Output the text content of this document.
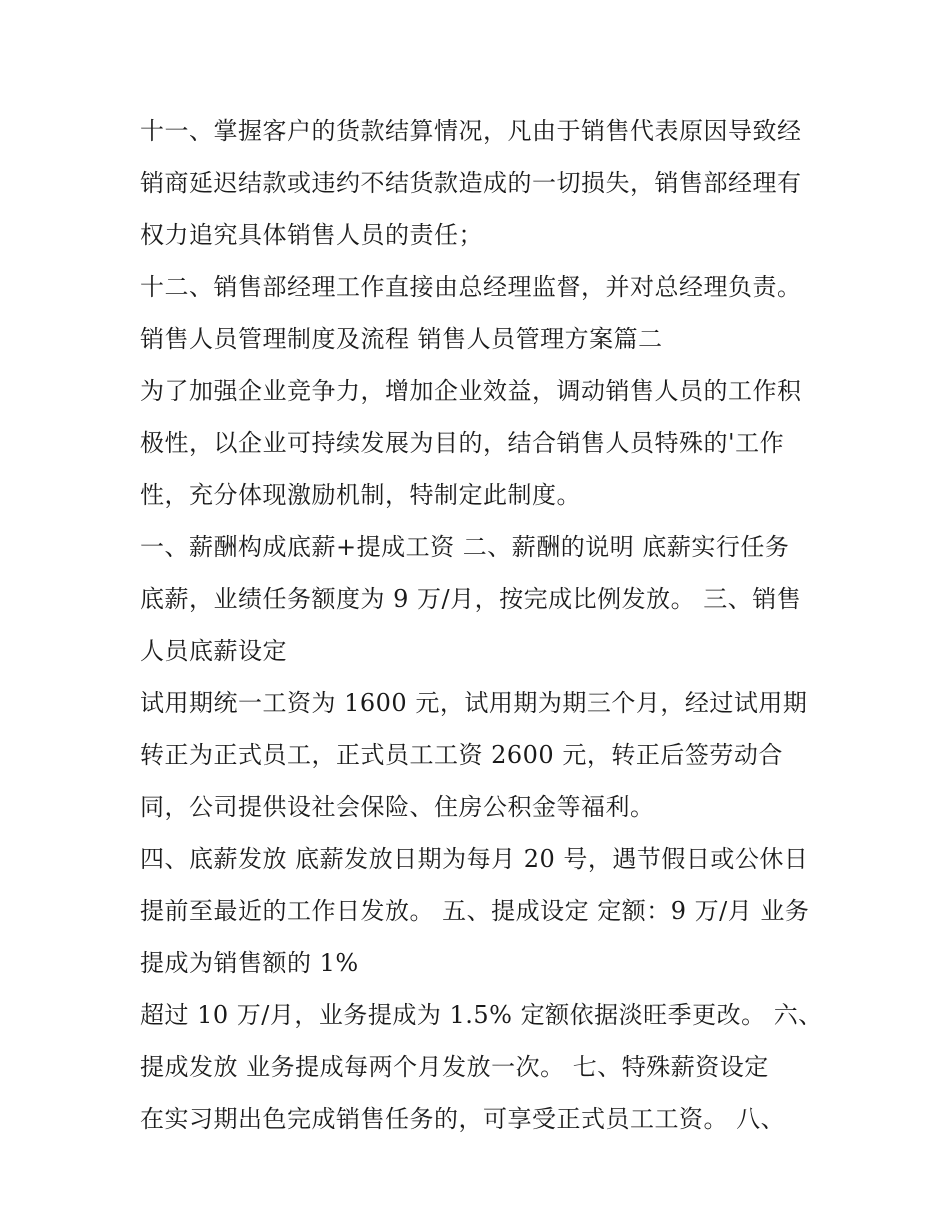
十一、掌握客户的货款结算情况，凡由于销售代表原因导致经
销商延迟结款或违约不结货款造成的一切损失，销售部经理有
权力追究具体销售人员的责任；
十二、销售部经理工作直接由总经理监督，并对总经理负责。
销售人员管理制度及流程 销售人员管理方案篇二
为了加强企业竞争力，增加企业效益，调动销售人员的工作积
极性，以企业可持续发展为目的，结合销售人员特殊的'工作
性，充分体现激励机制，特制定此制度。
一、薪酬构成底薪+提成工资 二、薪酬的说明 底薪实行任务
底薪，业绩任务额度为 9 万/月，按完成比例发放。 三、销售
人员底薪设定
试用期统一工资为 1600 元，试用期为期三个月，经过试用期
转正为正式员工，正式员工工资 2600 元，转正后签劳动合
同，公司提供设社会保险、住房公积金等福利。
四、底薪发放 底薪发放日期为每月 20 号，遇节假日或公休日
提前至最近的工作日发放。 五、提成设定 定额：9 万/月 业务
提成为销售额的 1%
超过 10 万/月，业务提成为 1.5% 定额依据淡旺季更改。 六、
提成发放 业务提成每两个月发放一次。 七、特殊薪资设定
在实习期出色完成销售任务的，可享受正式员工工资。 八、
